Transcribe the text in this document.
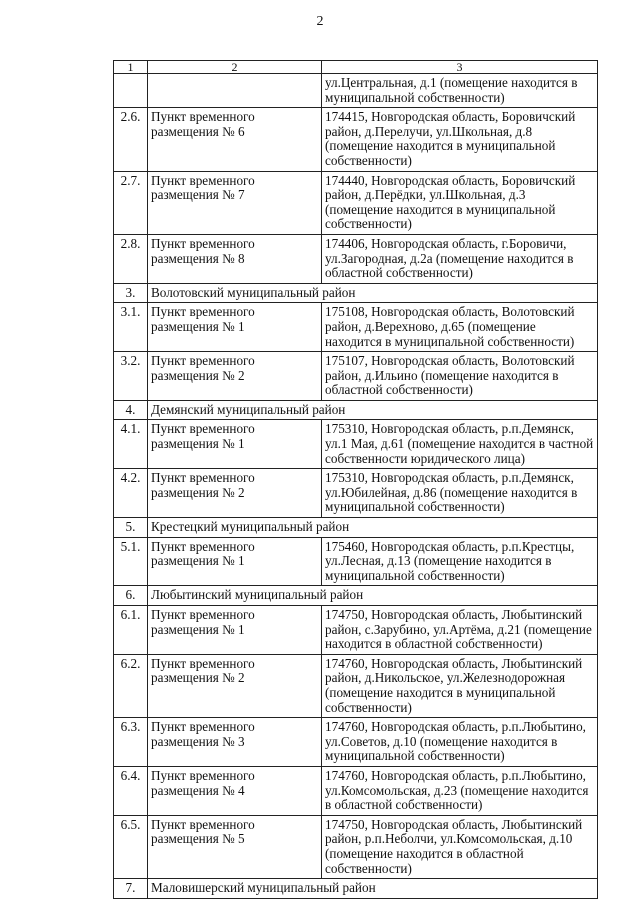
2
1	2	3
		ул.Центральная, д.1 (помещение находится в муниципальной собственности)
2.6.	Пункт временного размещения № 6	174415, Новгородская область, Боровичский район, д.Перелучи, ул.Школьная, д.8 (помещение находится в муниципальной собственности)
2.7.	Пункт временного размещения № 7	174440, Новгородская область, Боровичский район, д.Перёдки, ул.Школьная, д.3 (помещение находится в муниципальной собственности)
2.8.	Пункт временного размещения № 8	174406, Новгородская область, г.Боровичи, ул.Загородная, д.2а (помещение находится в областной собственности)
3.	Волотовский муниципальный район	
3.1.	Пункт временного размещения № 1	175108, Новгородская область, Волотовский район, д.Верехново, д.65 (помещение находится в муниципальной собственности)
3.2.	Пункт временного размещения № 2	175107, Новгородская область, Волотовский район, д.Ильино (помещение находится в областной собственности)
4.	Демянский муниципальный район	
4.1.	Пункт временного размещения № 1	175310, Новгородская область, р.п.Демянск, ул.1 Мая, д.61 (помещение находится в частной собственности юридического лица)
4.2.	Пункт временного размещения № 2	175310, Новгородская область, р.п.Демянск, ул.Юбилейная, д.86 (помещение находится в муниципальной собственности)
5.	Крестецкий муниципальный район	
5.1.	Пункт временного размещения № 1	175460, Новгородская область, р.п.Крестцы, ул.Лесная, д.13 (помещение находится в муниципальной собственности)
6.	Любытинский муниципальный район	
6.1.	Пункт временного размещения № 1	174750, Новгородская область, Любытинский район, с.Зарубино, ул.Артёма, д.21 (помещение находится в областной собственности)
6.2.	Пункт временного размещения № 2	174760, Новгородская область, Любытинский район, д.Никольское, ул.Железнодорожная (помещение находится в муниципальной собственности)
6.3.	Пункт временного размещения № 3	174760, Новгородская область, р.п.Любытино, ул.Советов, д.10 (помещение находится в муниципальной собственности)
6.4.	Пункт временного размещения № 4	174760, Новгородская область, р.п.Любытино, ул.Комсомольская, д.23 (помещение находится в областной собственности)
6.5.	Пункт временного размещения № 5	174750, Новгородская область, Любытинский район, р.п.Неболчи, ул.Комсомольская, д.10 (помещение находится в областной собственности)
7.	Маловишерский муниципальный район	
